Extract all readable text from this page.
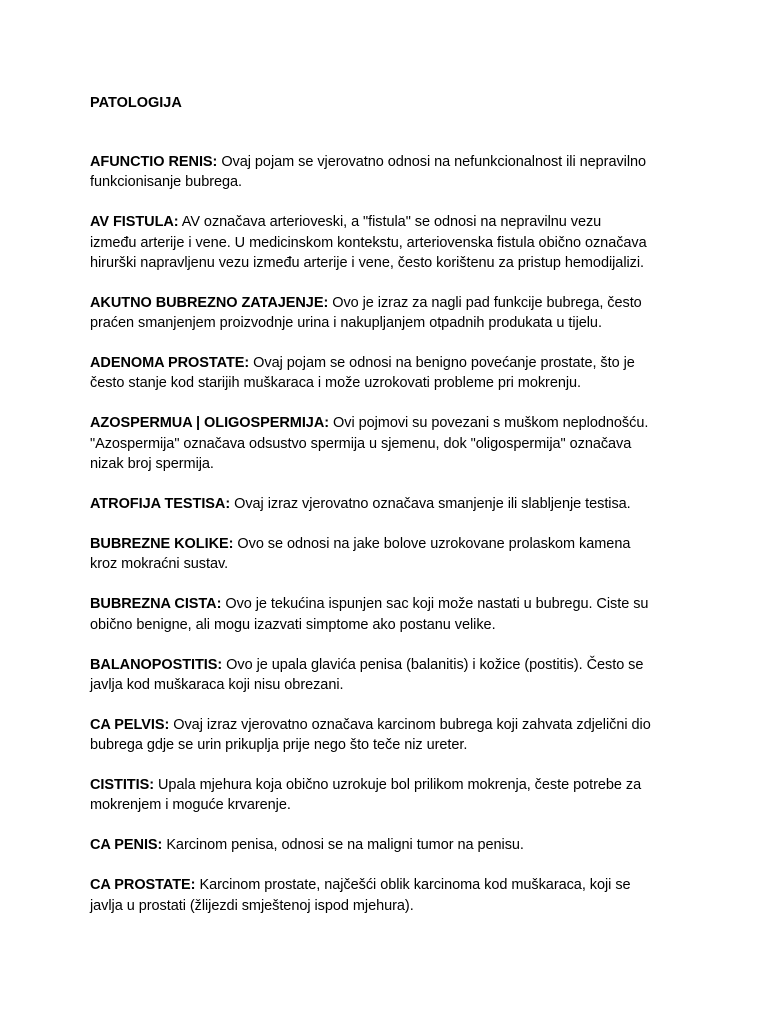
PATOLOGIJA

AFUNCTIO RENIS: Ovaj pojam se vjerovatno odnosi na nefunkcionalnost ili nepravilno
funkcionisanje bubrega.

AV FISTULA: AV označava arterioveski, a "fistula" se odnosi na nepravilnu vezu
između arterije i vene. U medicinskom kontekstu, arteriovenska fistula obično označava
hirurški napravljenu vezu između arterije i vene, često korištenu za pristup hemodijalizi.

AKUTNO BUBREZNO ZATAJENJE: Ovo je izraz za nagli pad funkcije bubrega, često
praćen smanjenjem proizvodnje urina i nakupljanjem otpadnih produkata u tijelu.

ADENOMA PROSTATE: Ovaj pojam se odnosi na benigno povećanje prostate, što je
često stanje kod starijih muškaraca i može uzrokovati probleme pri mokrenju.

AZOSPERMUA | OLIGOSPERMIJA: Ovi pojmovi su povezani s muškom neplodnošću.
"Azospermija" označava odsustvo spermija u sjemenu, dok "oligospermija" označava
nizak broj spermija.

ATROFIJA TESTISA: Ovaj izraz vjerovatno označava smanjenje ili slabljenje testisa.

BUBREZNE KOLIKE: Ovo se odnosi na jake bolove uzrokovane prolaskom kamena
kroz mokraćni sustav.

BUBREZNA CISTA: Ovo je tekućina ispunjen sac koji može nastati u bubregu. Ciste su
obično benigne, ali mogu izazvati simptome ako postanu velike.

BALANOPOSTITIS: Ovo je upala glavića penisa (balanitis) i kožice (postitis). Često se
javlja kod muškaraca koji nisu obrezani.

CA PELVIS: Ovaj izraz vjerovatno označava karcinom bubrega koji zahvata zdjelični dio
bubrega gdje se urin prikuplja prije nego što teče niz ureter.

CISTITIS: Upala mjehura koja obično uzrokuje bol prilikom mokrenja, česte potrebe za
mokrenjem i moguće krvarenje.

CA PENIS: Karcinom penisa, odnosi se na maligni tumor na penisu.

CA PROSTATE: Karcinom prostate, najčešći oblik karcinoma kod muškaraca, koji se
javlja u prostati (žlijezdi smještenoj ispod mjehura).
